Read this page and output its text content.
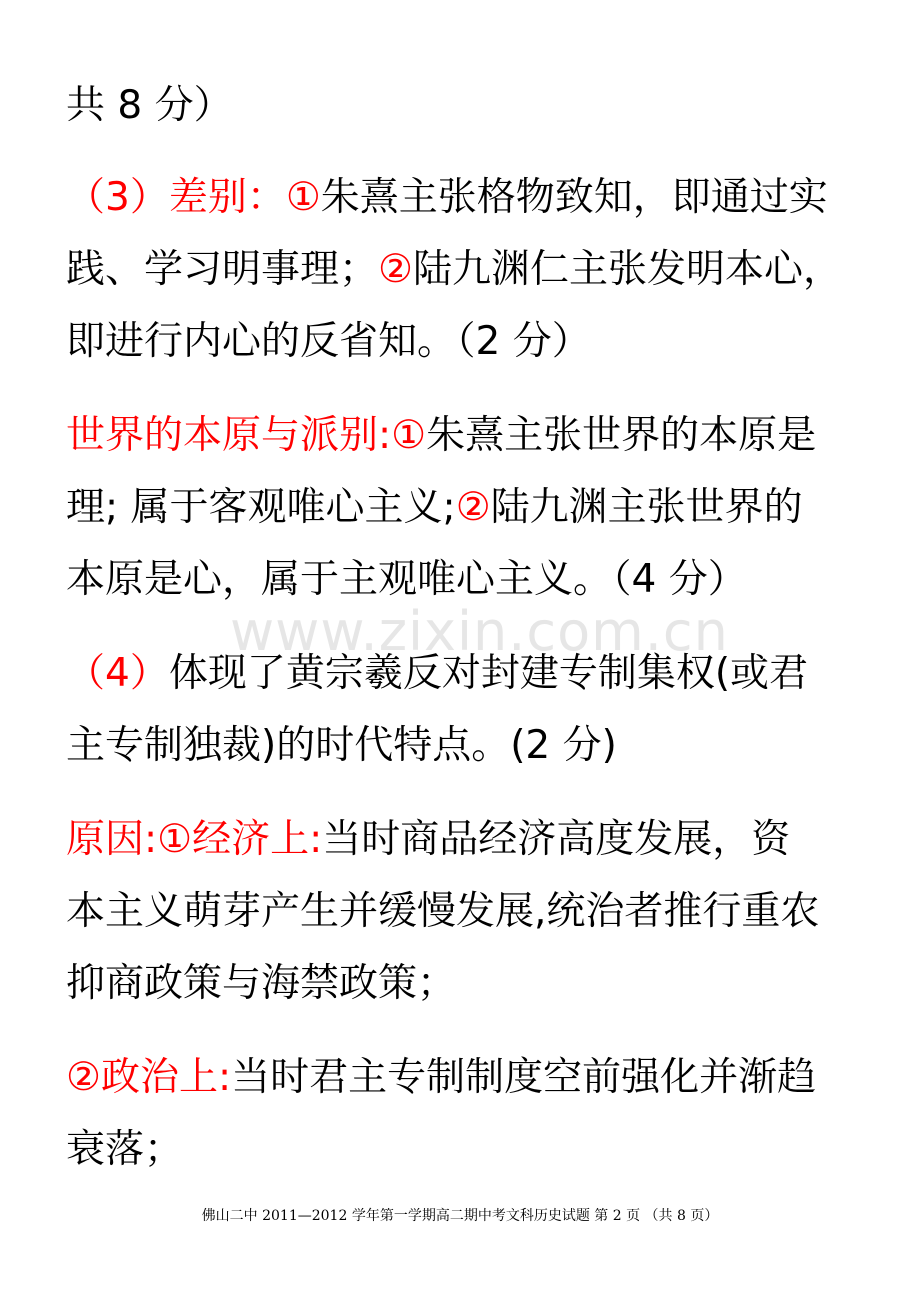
www.zixin.com.cn
共 8 分）
（3）差别：①朱熹主张格物致知，即通过实
践、学习明事理；②陆九渊仁主张发明本心，
即进行内心的反省知。（2 分）
世界的本原与派别:①朱熹主张世界的本原是
理; 属于客观唯心主义;②陆九渊主张世界的
本原是心，属于主观唯心主义。（4 分）
（4）体现了黄宗羲反对封建专制集权(或君
主专制独裁)的时代特点。(2 分)
原因:①经济上:当时商品经济高度发展，资
本主义萌芽产生并缓慢发展,统治者推行重农
抑商政策与海禁政策；
②政治上:当时君主专制制度空前强化并渐趋
衰落；
佛山二中 2011—2012 学年第一学期高二期中考文科历史试题 第 2 页 （共 8 页）
